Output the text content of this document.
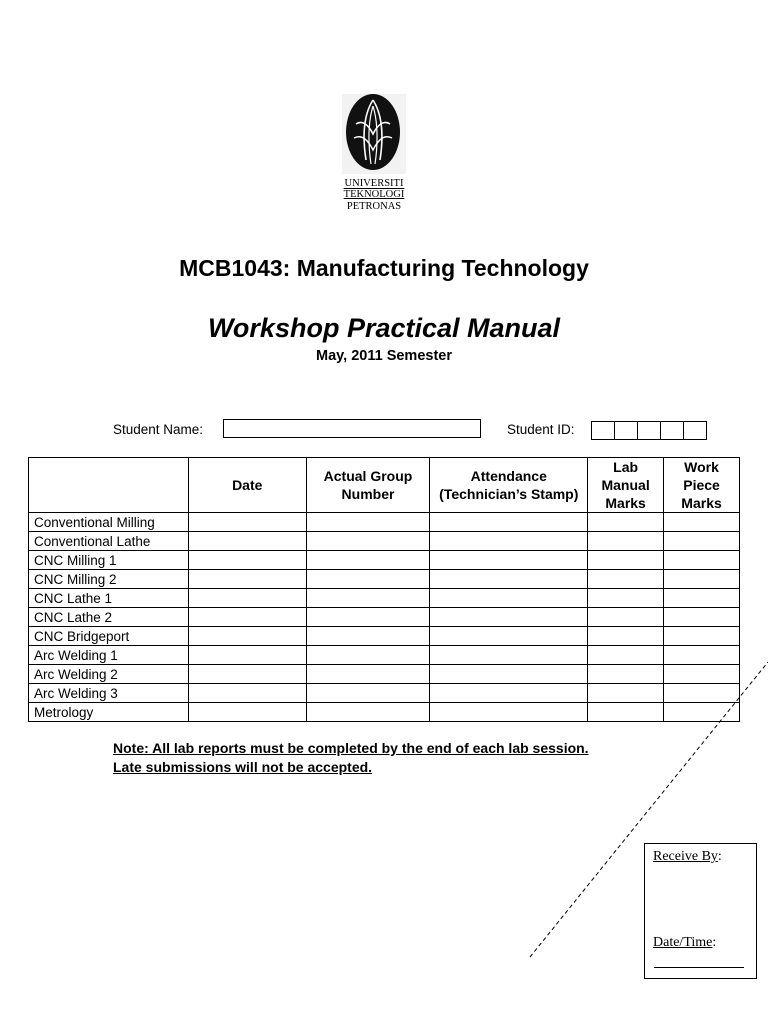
UNIVERSITI
TEKNOLOGI
PETRONAS
MCB1043: Manufacturing Technology
Workshop Practical Manual
May, 2011 Semester
Student Name:	Student ID:
	Date	Actual Group Number	Attendance (Technician’s Stamp)	Lab Manual Marks	Work Piece Marks
Conventional Milling					
Conventional Lathe					
CNC Milling 1					
CNC Milling 2					
CNC Lathe 1					
CNC Lathe 2					
CNC Bridgeport					
Arc Welding 1					
Arc Welding 2					
Arc Welding 3					
Metrology					
Note: All lab reports must be completed by the end of each lab session.
Late submissions will not be accepted.
Receive By:
Date/Time:
